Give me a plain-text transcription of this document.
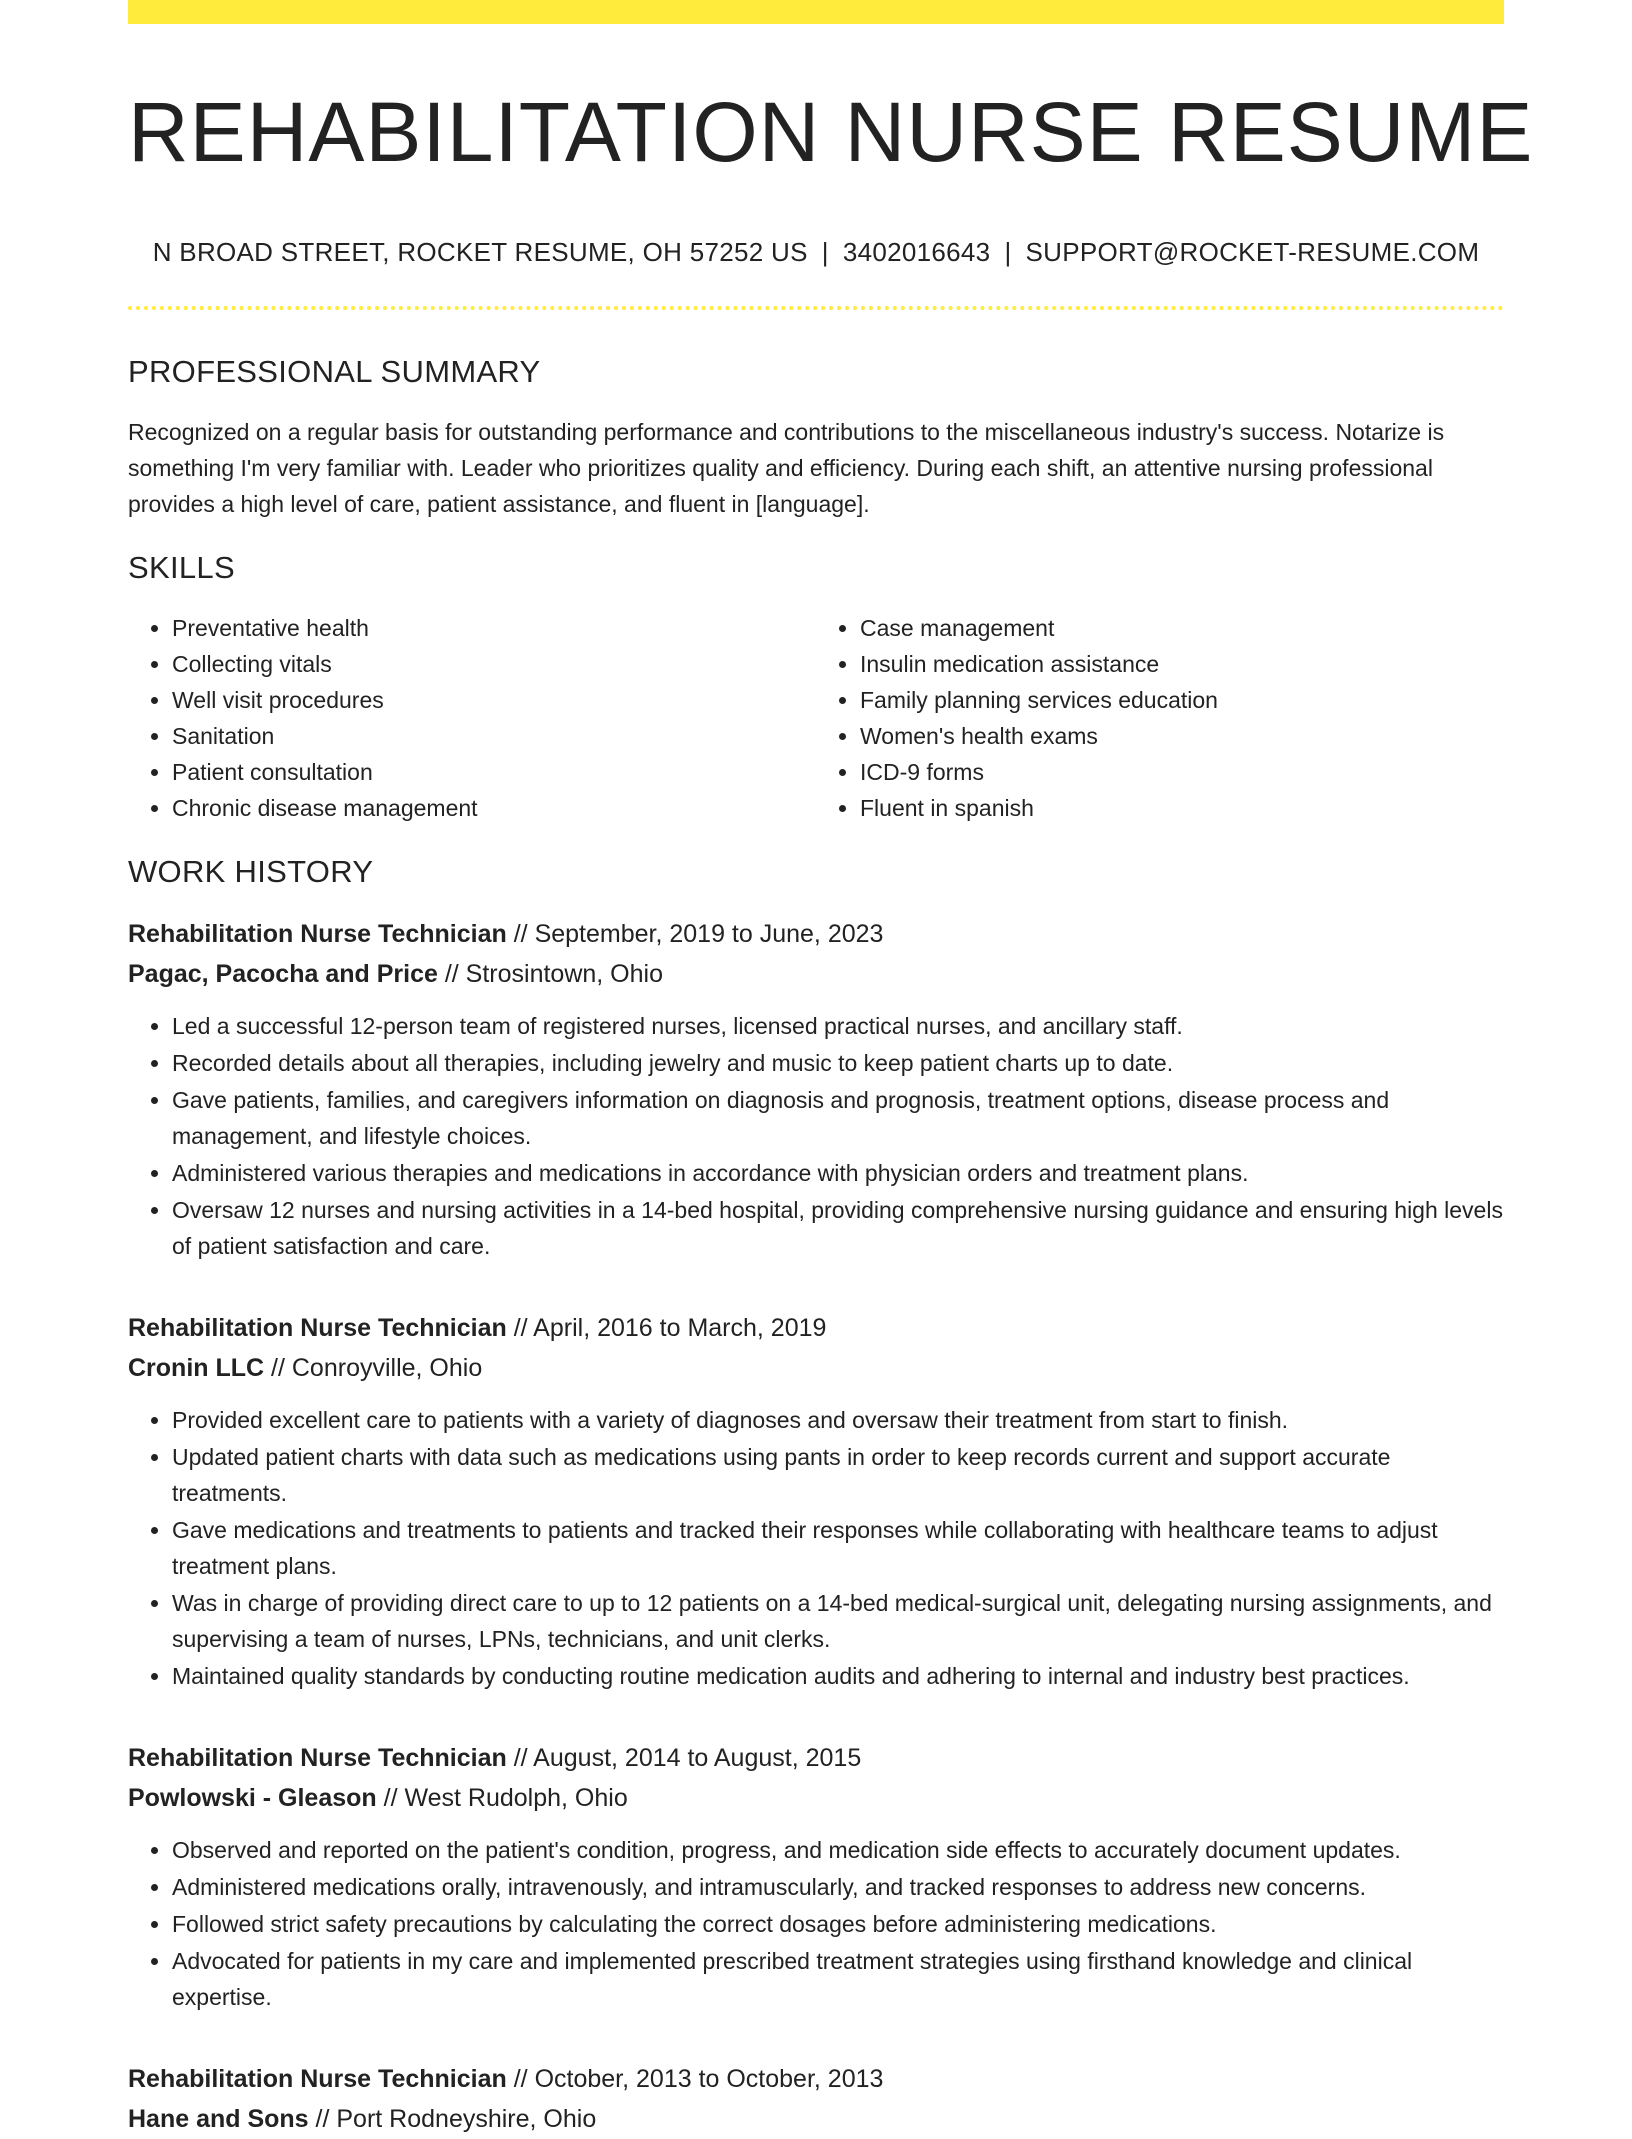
REHABILITATION NURSE RESUME
N BROAD STREET, ROCKET RESUME, OH 57252 US | 3402016643 | SUPPORT@ROCKET-RESUME.COM
PROFESSIONAL SUMMARY

Recognized on a regular basis for outstanding performance and contributions to the miscellaneous industry's success. Notarize is something I'm very familiar with. Leader who prioritizes quality and efficiency. During each shift, an attentive nursing professional provides a high level of care, patient assistance, and fluent in [language].

SKILLS
• Preventative health
• Collecting vitals
• Well visit procedures
• Sanitation
• Patient consultation
• Chronic disease management
• Case management
• Insulin medication assistance
• Family planning services education
• Women's health exams
• ICD-9 forms
• Fluent in spanish
WORK HISTORY
Rehabilitation Nurse Technician // September, 2019 to June, 2023
Pagac, Pacocha and Price // Strosintown, Ohio
• Led a successful 12-person team of registered nurses, licensed practical nurses, and ancillary staff.
• Recorded details about all therapies, including jewelry and music to keep patient charts up to date.
• Gave patients, families, and caregivers information on diagnosis and prognosis, treatment options, disease process and management, and lifestyle choices.
• Administered various therapies and medications in accordance with physician orders and treatment plans.
• Oversaw 12 nurses and nursing activities in a 14-bed hospital, providing comprehensive nursing guidance and ensuring high levels of patient satisfaction and care.
Rehabilitation Nurse Technician // April, 2016 to March, 2019
Cronin LLC // Conroyville, Ohio
• Provided excellent care to patients with a variety of diagnoses and oversaw their treatment from start to finish.
• Updated patient charts with data such as medications using pants in order to keep records current and support accurate treatments.
• Gave medications and treatments to patients and tracked their responses while collaborating with healthcare teams to adjust treatment plans.
• Was in charge of providing direct care to up to 12 patients on a 14-bed medical-surgical unit, delegating nursing assignments, and supervising a team of nurses, LPNs, technicians, and unit clerks.
• Maintained quality standards by conducting routine medication audits and adhering to internal and industry best practices.
Rehabilitation Nurse Technician // August, 2014 to August, 2015
Powlowski - Gleason // West Rudolph, Ohio
• Observed and reported on the patient's condition, progress, and medication side effects to accurately document updates.
• Administered medications orally, intravenously, and intramuscularly, and tracked responses to address new concerns.
• Followed strict safety precautions by calculating the correct dosages before administering medications.
• Advocated for patients in my care and implemented prescribed treatment strategies using firsthand knowledge and clinical expertise.
Rehabilitation Nurse Technician // October, 2013 to October, 2013
Hane and Sons // Port Rodneyshire, Ohio
